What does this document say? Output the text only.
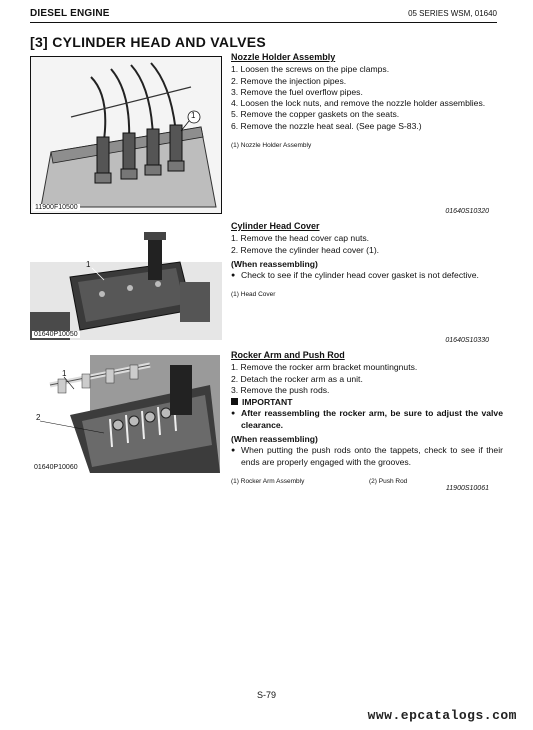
DIESEL ENGINE	05 SERIES WSM, 01640
[3] CYLINDER HEAD AND VALVES
1
11900F10500
Nozzle Holder Assembly
1. Loosen the screws on the pipe clamps.
2. Remove the injection pipes.
3. Remove the fuel overflow pipes.
4. Loosen the lock nuts, and remove the nozzle holder assemblies.
5. Remove the copper gaskets on the seats.
6. Remove the nozzle heat seal. (See page S-83.)
(1) Nozzle Holder Assembly
01640S10320
1
01640P10050
Cylinder Head Cover
1. Remove the head cover cap nuts.
2. Remove the cylinder head cover (1).
(When reassembling)
● Check to see if the cylinder head cover gasket is not defective.
(1) Head Cover
01640S10330
1
2
01640P10060
Rocker Arm and Push Rod
1. Remove the rocker arm bracket mountingnuts.
2. Detach the rocker arm as a unit.
3. Remove the push rods.
IMPORTANT
● After reassembling the rocker arm, be sure to adjust the valve clearance.
(When reassembling)
● When putting the push rods onto the tappets, check to see if their ends are properly engaged with the grooves.
(1) Rocker Arm Assembly	(2) Push Rod
11900S10061
S-79
www.epcatalogs.com
